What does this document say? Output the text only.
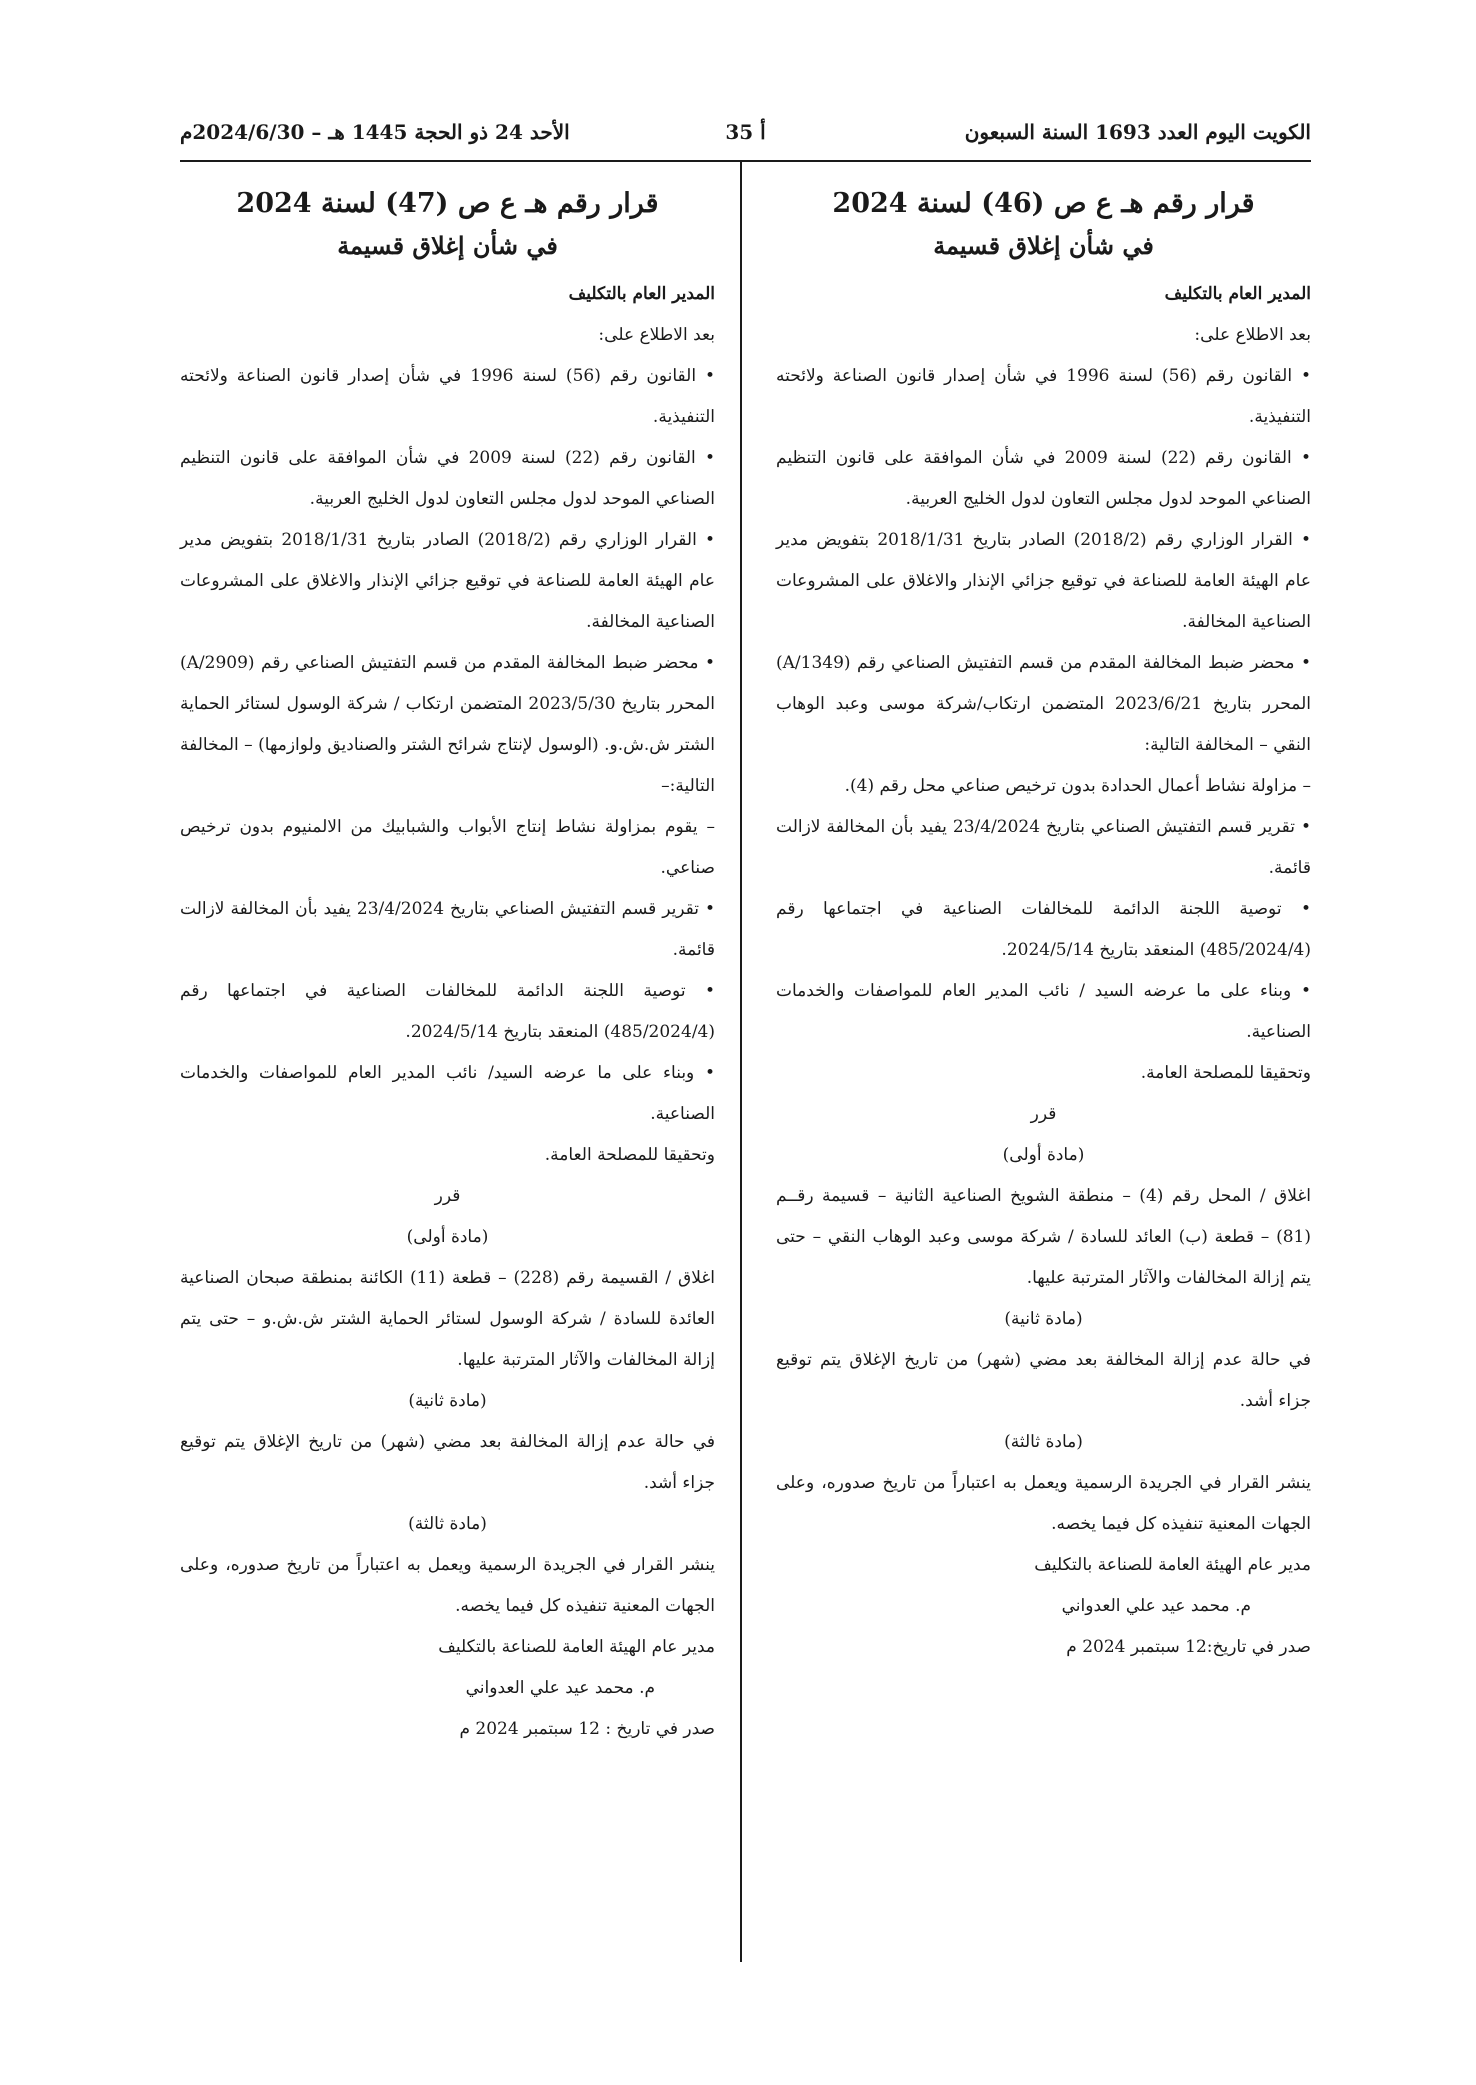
الكويت اليوم العدد 1693 السنة السبعون
أ 35
الأحد 24 ذو الحجة 1445 هـ – 2024/6/30م
قرار رقم هـ ع ص (46) لسنة 2024
في شأن إغلاق قسيمة

المدير العام بالتكليف

بعد الاطلاع على:

• القانون رقم (56) لسنة 1996 في شأن إصدار قانون الصناعة ولائحته التنفيذية.

• القانون رقم (22) لسنة 2009 في شأن الموافقة على قانون التنظيم الصناعي الموحد لدول مجلس التعاون لدول الخليج العربية.

• القرار الوزاري رقم (2018/2) الصادر بتاريخ 2018/1/31 بتفويض مدير عام الهيئة العامة للصناعة في توقيع جزائي الإنذار والاغلاق على المشروعات الصناعية المخالفة.

• محضر ضبط المخالفة المقدم من قسم التفتيش الصناعي رقم (A/1349) المحرر بتاريخ 2023/6/21 المتضمن ارتكاب/شركة موسى وعبد الوهاب النقي – المخالفة التالية:

– مزاولة نشاط أعمال الحدادة بدون ترخيص صناعي محل رقم (4).

• تقرير قسم التفتيش الصناعي بتاريخ 23/4/2024 يفيد بأن المخالفة لازالت قائمة.

• توصية اللجنة الدائمة للمخالفات الصناعية في اجتماعها رقم (485/2024/4) المنعقد بتاريخ 2024/5/14.

• وبناء على ما عرضه السيد / نائب المدير العام للمواصفات والخدمات الصناعية.

وتحقيقا للمصلحة العامة.

قرر

(مادة أولى)

اغلاق / المحل رقم (4) – منطقة الشويخ الصناعية الثانية – قسيمة رقــم (81) – قطعة (ب) العائد للسادة / شركة موسى وعبد الوهاب النقي – حتى يتم إزالة المخالفات والآثار المترتبة عليها.

(مادة ثانية)

في حالة عدم إزالة المخالفة بعد مضي (شهر) من تاريخ الإغلاق يتم توقيع جزاء أشد.

(مادة ثالثة)

ينشر القرار في الجريدة الرسمية ويعمل به اعتباراً من تاريخ صدوره، وعلى الجهات المعنية تنفيذه كل فيما يخصه.

مدير عام الهيئة العامة للصناعة بالتكليف

م. محمد عيد علي العدواني

صدر في تاريخ:12 سبتمبر 2024 م

قرار رقم هـ ع ص (47) لسنة 2024
في شأن إغلاق قسيمة

المدير العام بالتكليف

بعد الاطلاع على:

• القانون رقم (56) لسنة 1996 في شأن إصدار قانون الصناعة ولائحته التنفيذية.

• القانون رقم (22) لسنة 2009 في شأن الموافقة على قانون التنظيم الصناعي الموحد لدول مجلس التعاون لدول الخليج العربية.

• القرار الوزاري رقم (2018/2) الصادر بتاريخ 2018/1/31 بتفويض مدير عام الهيئة العامة للصناعة في توقيع جزائي الإنذار والاغلاق على المشروعات الصناعية المخالفة.

• محضر ضبط المخالفة المقدم من قسم التفتيش الصناعي رقم (A/2909) المحرر بتاريخ 2023/5/30 المتضمن ارتكاب / شركة الوسول لستائر الحماية الشتر ش.ش.و. (الوسول لإنتاج شرائح الشتر والصناديق ولوازمها) – المخالفة التالية:–

– يقوم بمزاولة نشاط إنتاج الأبواب والشبابيك من الالمنيوم بدون ترخيص صناعي.

• تقرير قسم التفتيش الصناعي بتاريخ 23/4/2024 يفيد بأن المخالفة لازالت قائمة.

• توصية اللجنة الدائمة للمخالفات الصناعية في اجتماعها رقم (485/2024/4) المنعقد بتاريخ 2024/5/14.

• وبناء على ما عرضه السيد/ نائب المدير العام للمواصفات والخدمات الصناعية.

وتحقيقا للمصلحة العامة.

قرر

(مادة أولى)

اغلاق / القسيمة رقم (228) – قطعة (11) الكائنة بمنطقة صبحان الصناعية العائدة للسادة / شركة الوسول لستائر الحماية الشتر ش.ش.و – حتى يتم إزالة المخالفات والآثار المترتبة عليها.

(مادة ثانية)

في حالة عدم إزالة المخالفة بعد مضي (شهر) من تاريخ الإغلاق يتم توقيع جزاء أشد.

(مادة ثالثة)

ينشر القرار في الجريدة الرسمية ويعمل به اعتباراً من تاريخ صدوره، وعلى الجهات المعنية تنفيذه كل فيما يخصه.

مدير عام الهيئة العامة للصناعة بالتكليف

م. محمد عيد علي العدواني

صدر في تاريخ : 12 سبتمبر 2024 م
